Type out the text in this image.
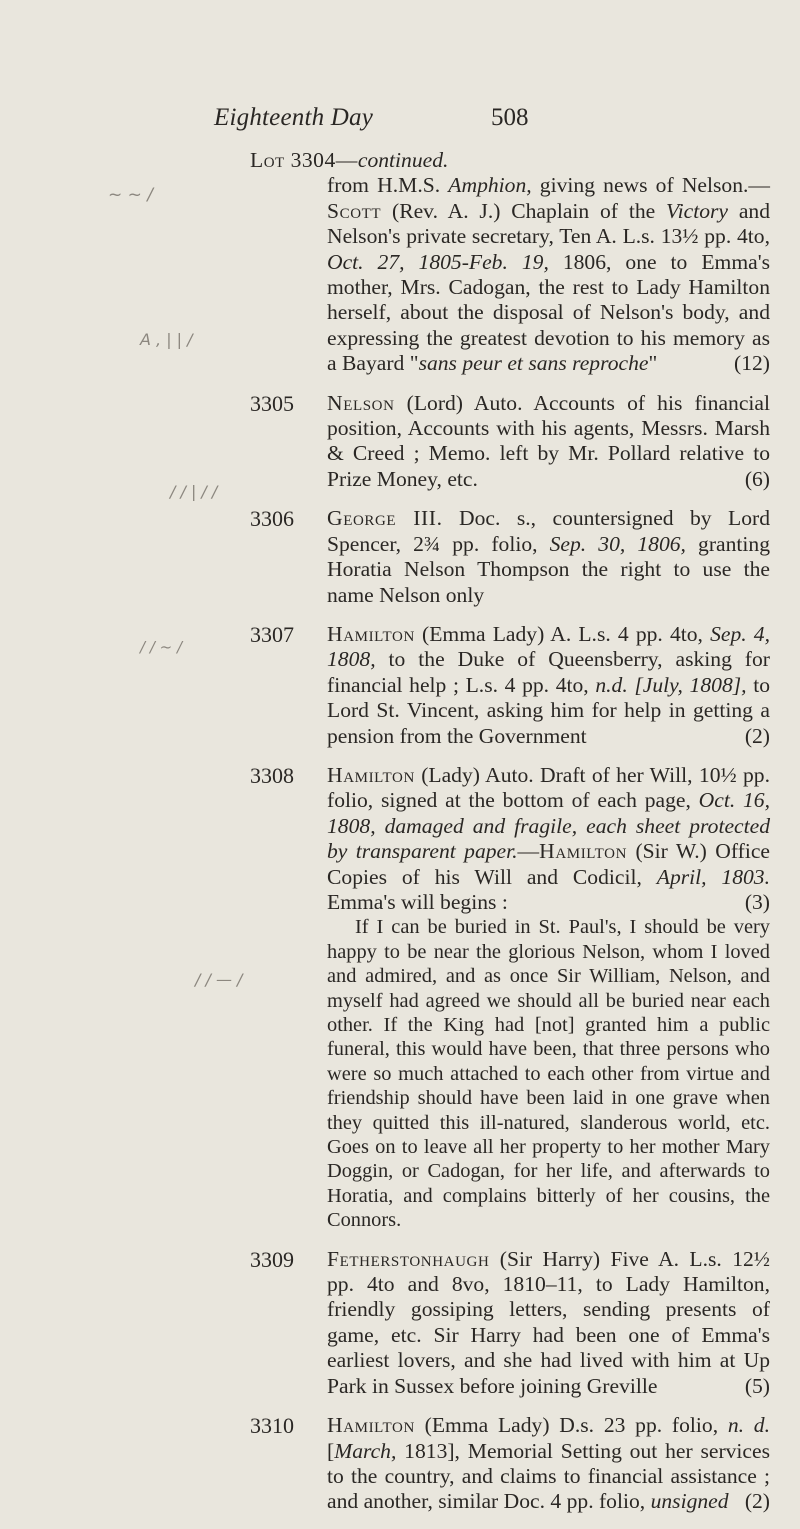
Eighteenth Day	508
~ ~ /
A , | | /
/ / | / /
/ / ~ /
/ / — /
Lot 3304—continued.
from H.M.S. Amphion, giving news of Nelson.—Scott (Rev. A. J.) Chaplain of the Victory and Nelson's private secretary, Ten A. L.s. 13½ pp. 4to, Oct. 27, 1805-Feb. 19, 1806, one to Emma's mother, Mrs. Cadogan, the rest to Lady Hamilton herself, about the disposal of Nelson's body, and expressing the greatest devotion to his memory as a Bayard "sans peur et sans reproche"	(12)
3305 Nelson (Lord) Auto. Accounts of his financial position, Accounts with his agents, Messrs. Marsh & Creed ; Memo. left by Mr. Pollard relative to Prize Money, etc.	(6)
3306 George III. Doc. s., countersigned by Lord Spencer, 2¾ pp. folio, Sep. 30, 1806, granting Horatia Nelson Thompson the right to use the name Nelson only
3307 Hamilton (Emma Lady) A. L.s. 4 pp. 4to, Sep. 4, 1808, to the Duke of Queensberry, asking for financial help ; L.s. 4 pp. 4to, n.d. [July, 1808], to Lord St. Vincent, asking him for help in getting a pension from the Government	(2)
3308 Hamilton (Lady) Auto. Draft of her Will, 10½ pp. folio, signed at the bottom of each page, Oct. 16, 1808, damaged and fragile, each sheet protected by transparent paper.—Hamilton (Sir W.) Office Copies of his Will and Codicil, April, 1803. Emma's will begins :	(3)
If I can be buried in St. Paul's, I should be very happy to be near the glorious Nelson, whom I loved and admired, and as once Sir William, Nelson, and myself had agreed we should all be buried near each other. If the King had [not] granted him a public funeral, this would have been, that three persons who were so much attached to each other from virtue and friendship should have been laid in one grave when they quitted this ill-natured, slanderous world, etc. Goes on to leave all her property to her mother Mary Doggin, or Cadogan, for her life, and afterwards to Horatia, and complains bitterly of her cousins, the Connors.
3309 Fetherstonhaugh (Sir Harry) Five A. L.s. 12½ pp. 4to and 8vo, 1810–11, to Lady Hamilton, friendly gossiping letters, sending presents of game, etc. Sir Harry had been one of Emma's earliest lovers, and she had lived with him at Up Park in Sussex before joining Greville	(5)
3310 Hamilton (Emma Lady) D.s. 23 pp. folio, n. d. [March, 1813], Memorial Setting out her services to the country, and claims to financial assistance ; and another, similar Doc. 4 pp. folio, unsigned (2)
